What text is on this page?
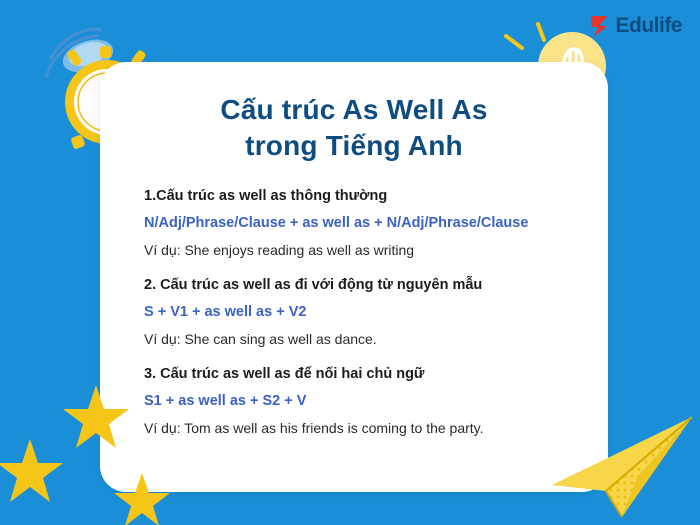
Edulife
Cấu trúc As Well As
trong Tiếng Anh
1.Cấu trúc as well as thông thường
N/Adj/Phrase/Clause + as well as + N/Adj/Phrase/Clause
Ví dụ: She enjoys reading as well as writing
2. Cấu trúc as well as đi với động từ nguyên mẫu
S + V1 + as well as + V2
Ví dụ: She can sing as well as dance.
3. Cấu trúc as well as để nối hai chủ ngữ
S1 + as well as + S2 + V
Ví dụ: Tom as well as his friends is coming to the party.
